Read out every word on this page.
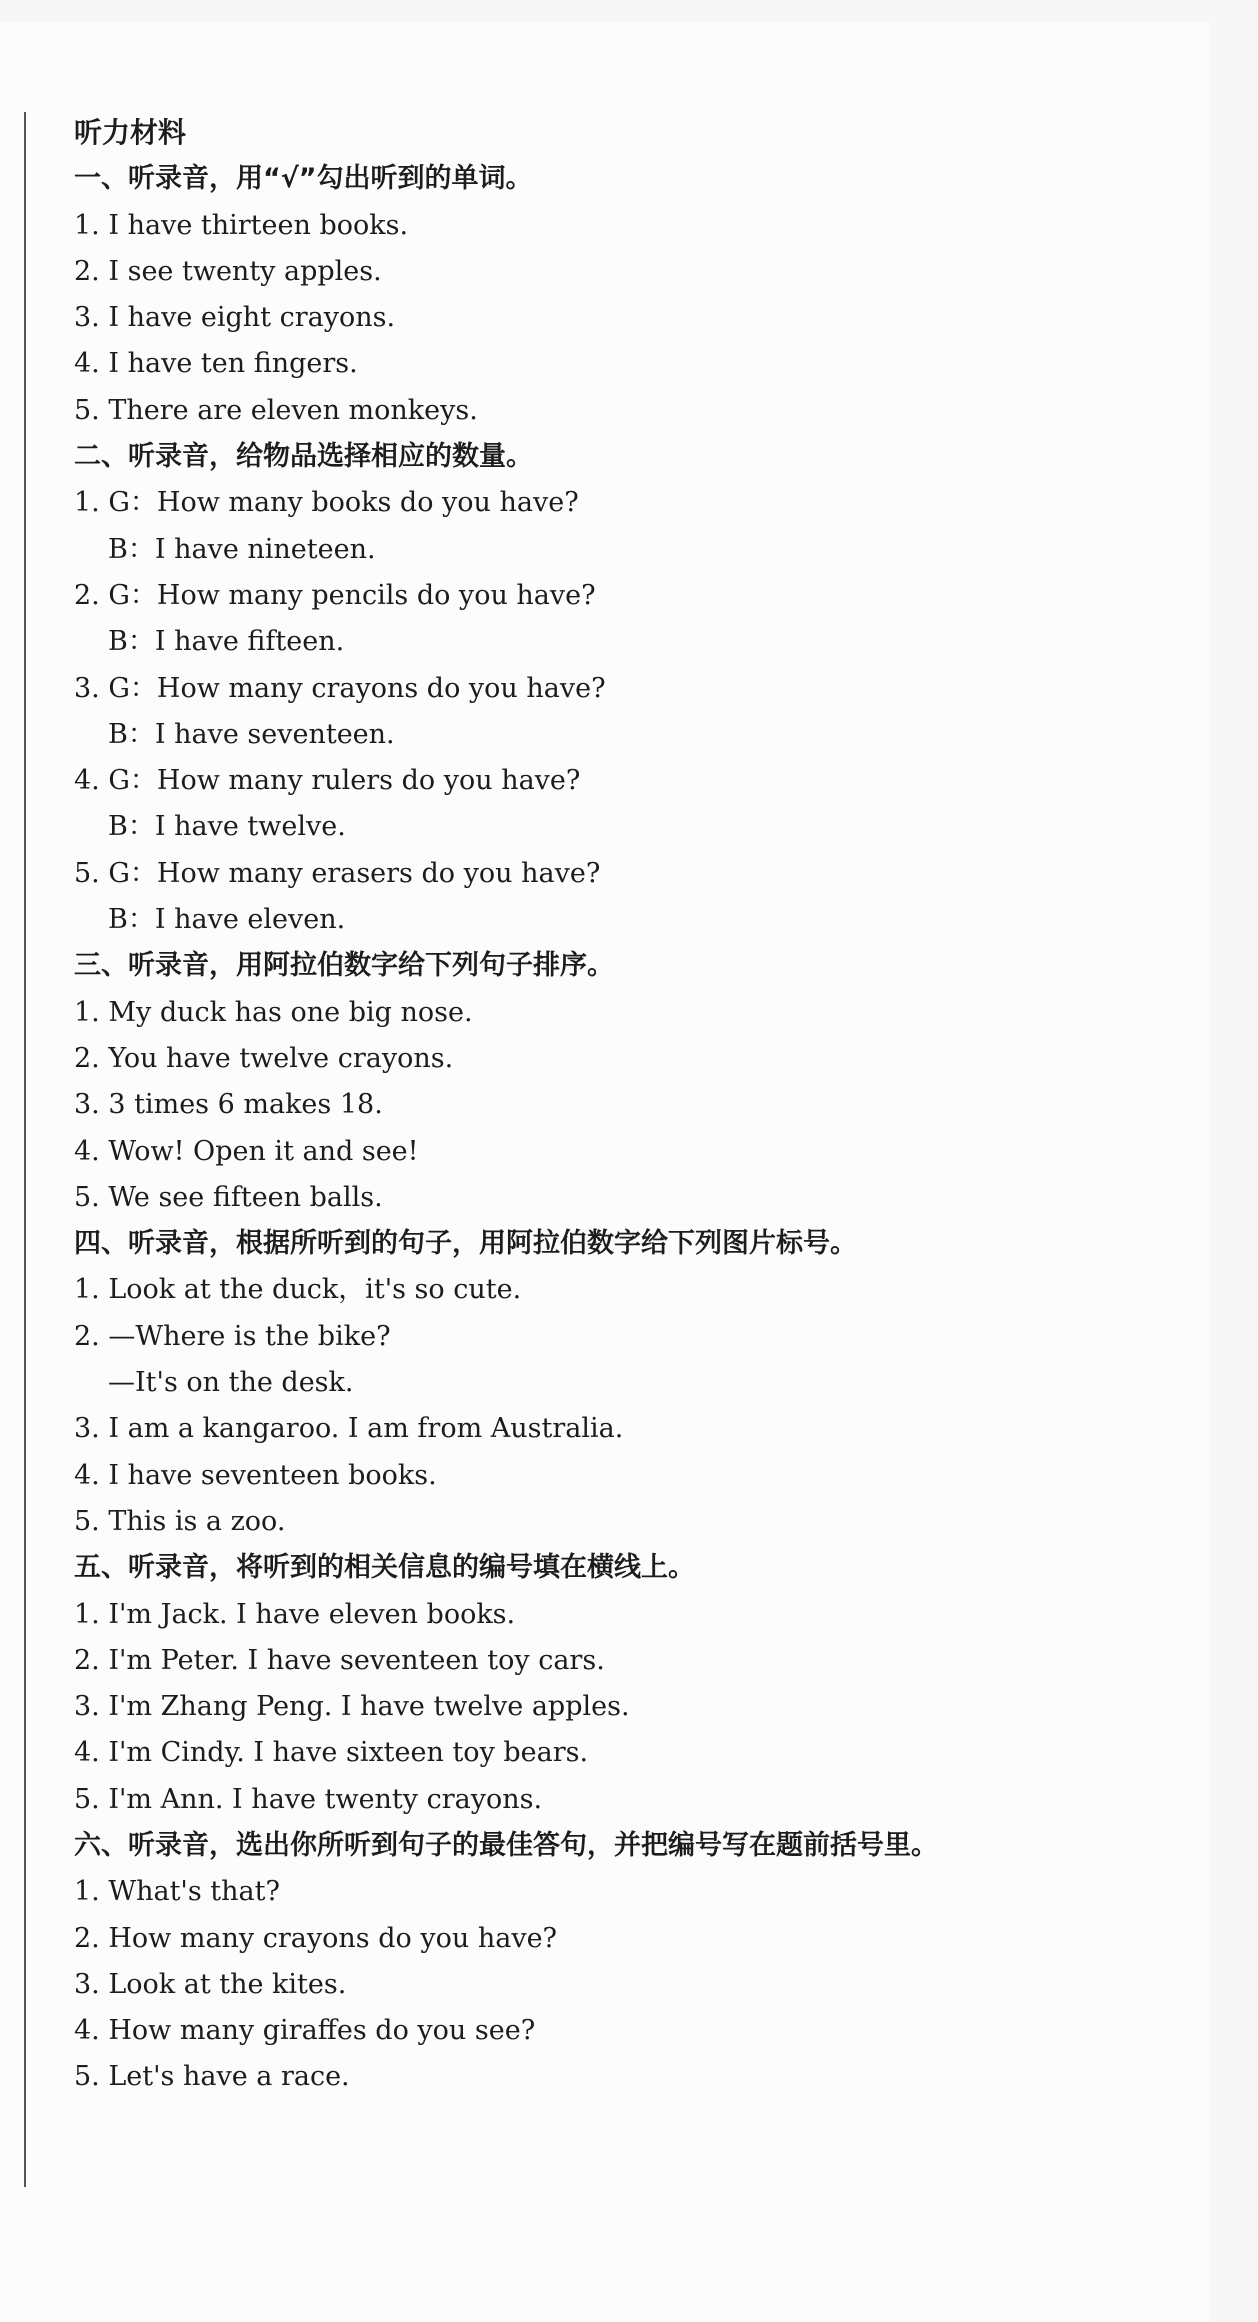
听力材料
一、听录音，用“√”勾出听到的单词。
1. I have thirteen books.
2. I see twenty apples.
3. I have eight crayons.
4. I have ten fingers.
5. There are eleven monkeys.
二、听录音，给物品选择相应的数量。
1. G：How many books do you have?
B：I have nineteen.
2. G：How many pencils do you have?
B：I have fifteen.
3. G：How many crayons do you have?
B：I have seventeen.
4. G：How many rulers do you have?
B：I have twelve.
5. G：How many erasers do you have?
B：I have eleven.
三、听录音，用阿拉伯数字给下列句子排序。
1. My duck has one big nose.
2. You have twelve crayons.
3. 3 times 6 makes 18.
4. Wow! Open it and see!
5. We see fifteen balls.
四、听录音，根据所听到的句子，用阿拉伯数字给下列图片标号。
1. Look at the duck，it's so cute.
2. —Where is the bike?
—It's on the desk.
3. I am a kangaroo. I am from Australia.
4. I have seventeen books.
5. This is a zoo.
五、听录音，将听到的相关信息的编号填在横线上。
1. I'm Jack. I have eleven books.
2. I'm Peter. I have seventeen toy cars.
3. I'm Zhang Peng. I have twelve apples.
4. I'm Cindy. I have sixteen toy bears.
5. I'm Ann. I have twenty crayons.
六、听录音，选出你所听到句子的最佳答句，并把编号写在题前括号里。
1. What's that?
2. How many crayons do you have?
3. Look at the kites.
4. How many giraffes do you see?
5. Let's have a race.
